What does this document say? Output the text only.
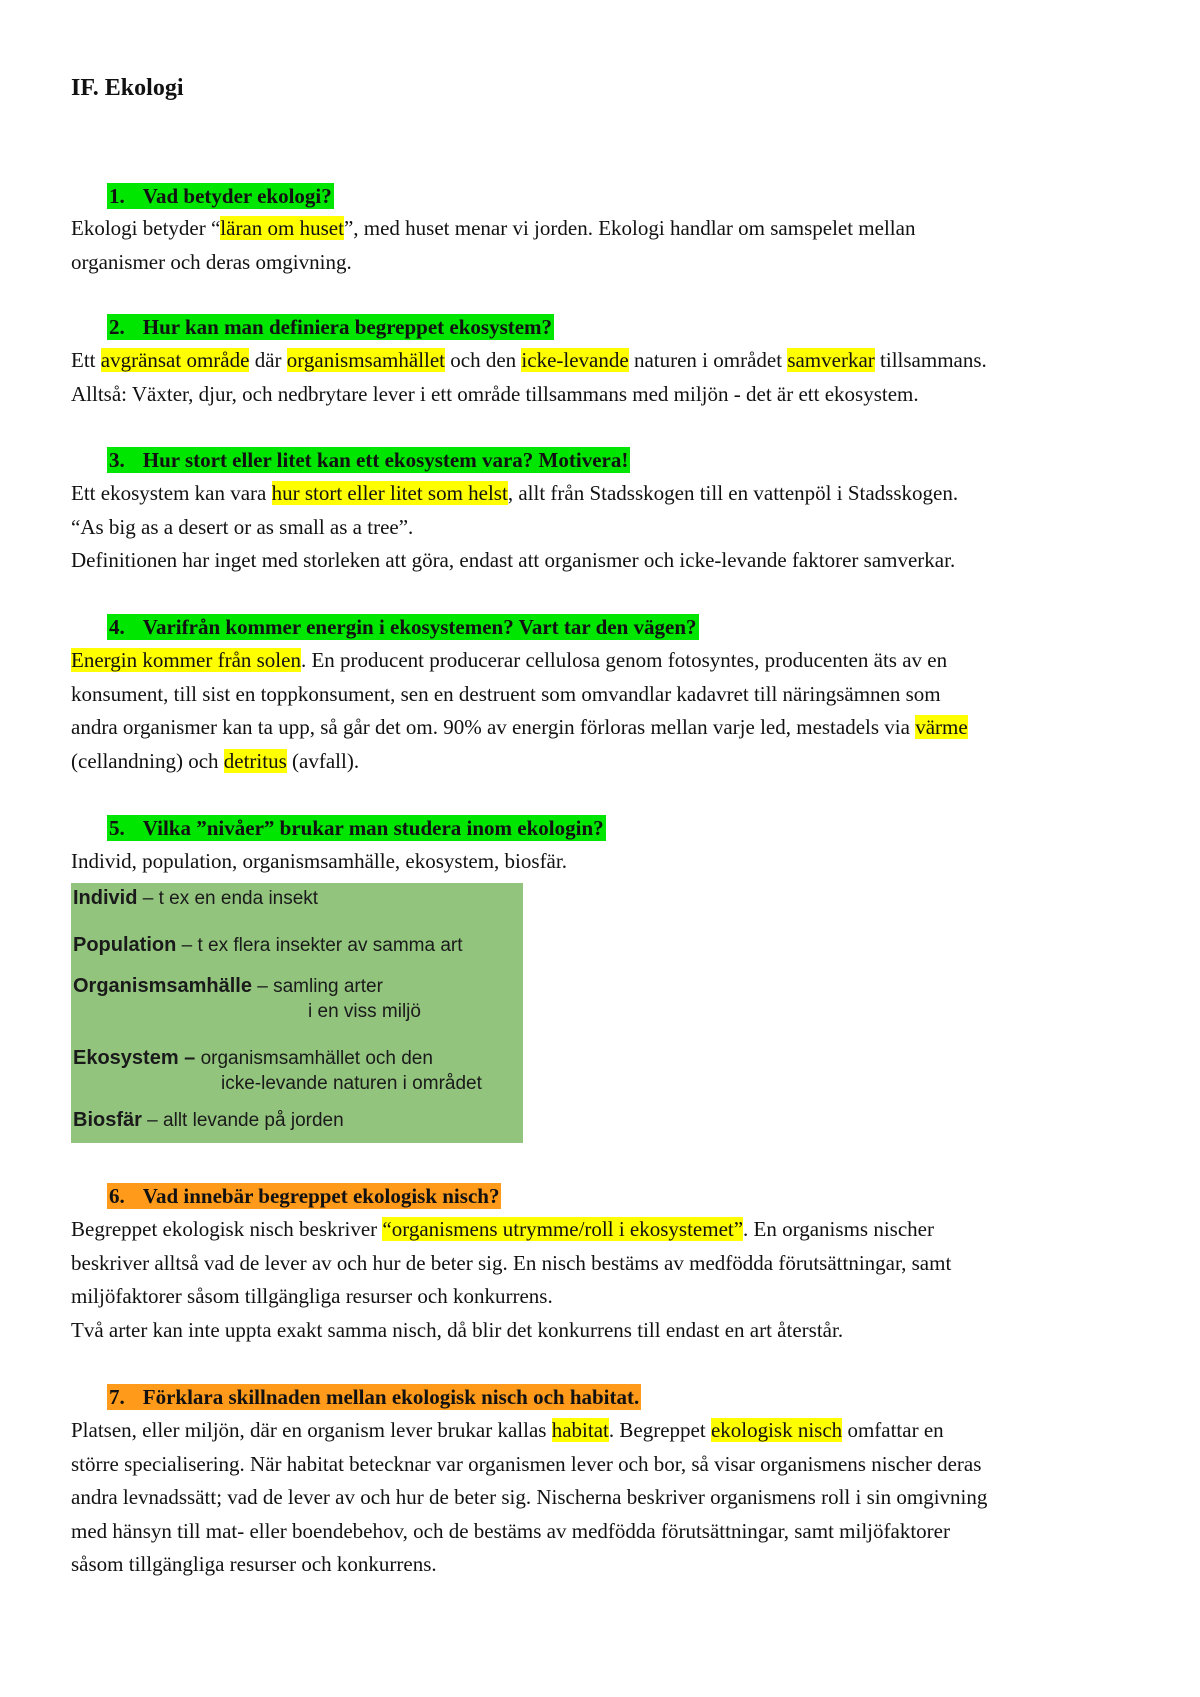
IF. Ekologi

1. Vad betyder ekologi?

Ekologi betyder “läran om huset”, med huset menar vi jorden. Ekologi handlar om samspelet mellan
organismer och deras omgivning.

2. Hur kan man definiera begreppet ekosystem?

Ett avgränsat område där organismsamhället och den icke-levande naturen i området samverkar tillsammans.
Alltså: Växter, djur, och nedbrytare lever i ett område tillsammans med miljön - det är ett ekosystem.

3. Hur stort eller litet kan ett ekosystem vara? Motivera!

Ett ekosystem kan vara hur stort eller litet som helst, allt från Stadsskogen till en vattenpöl i Stadsskogen.
“As big as a desert or as small as a tree”.
Definitionen har inget med storleken att göra, endast att organismer och icke-levande faktorer samverkar.

4. Varifrån kommer energin i ekosystemen? Vart tar den vägen?

Energin kommer från solen. En producent producerar cellulosa genom fotosyntes, producenten äts av en
konsument, till sist en toppkonsument, sen en destruent som omvandlar kadavret till näringsämnen som
andra organismer kan ta upp, så går det om. 90% av energin förloras mellan varje led, mestadels via värme
(cellandning) och detritus (avfall).

5. Vilka ”nivåer” brukar man studera inom ekologin?

Individ, population, organismsamhälle, ekosystem, biosfär.

Individ – t ex en enda insekt
Population – t ex flera insekter av samma art
Organismsamhälle – samling arter
i en viss miljö
Ekosystem – organismsamhället och den
icke-levande naturen i området
Biosfär – allt levande på jorden

6. Vad innebär begreppet ekologisk nisch?

Begreppet ekologisk nisch beskriver “organismens utrymme/roll i ekosystemet”. En organisms nischer
beskriver alltså vad de lever av och hur de beter sig. En nisch bestäms av medfödda förutsättningar, samt
miljöfaktorer såsom tillgängliga resurser och konkurrens.
Två arter kan inte uppta exakt samma nisch, då blir det konkurrens till endast en art återstår.

7. Förklara skillnaden mellan ekologisk nisch och habitat.

Platsen, eller miljön, där en organism lever brukar kallas habitat. Begreppet ekologisk nisch omfattar en
större specialisering. När habitat betecknar var organismen lever och bor, så visar organismens nischer deras
andra levnadssätt; vad de lever av och hur de beter sig. Nischerna beskriver organismens roll i sin omgivning
med hänsyn till mat- eller boendebehov, och de bestäms av medfödda förutsättningar, samt miljöfaktorer
såsom tillgängliga resurser och konkurrens.
